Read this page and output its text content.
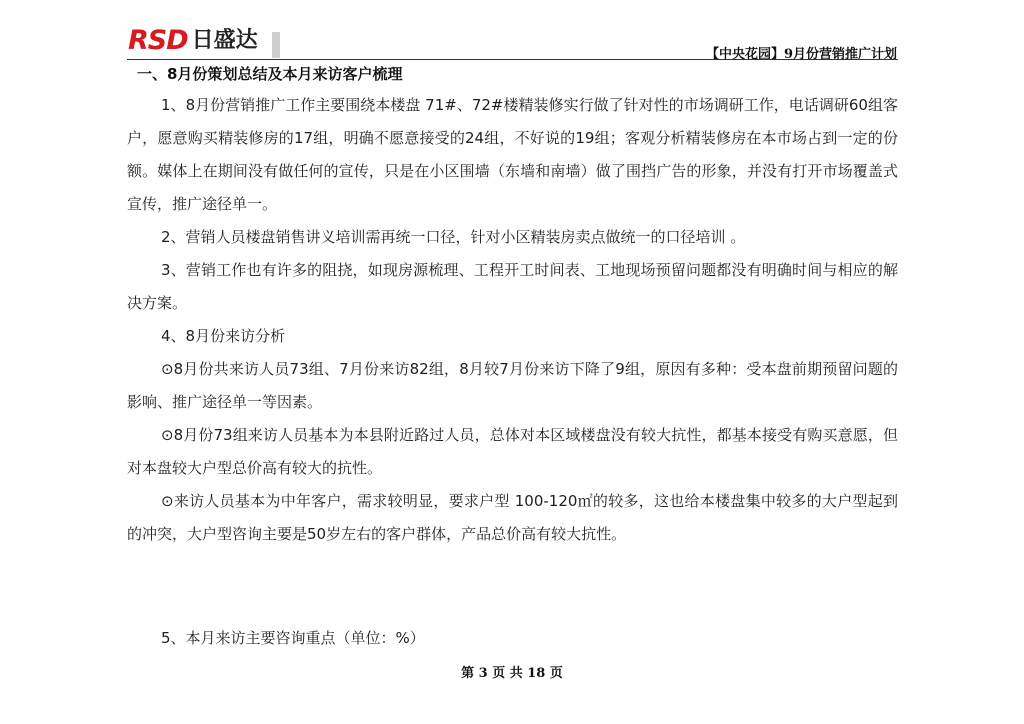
RSD 日盛达
【中央花园】9月份营销推广计划
一、8月份策划总结及本月来访客户梳理

1、8月份营销推广工作主要围绕本楼盘 71#、72#楼精装修实行做了针对性的市场调研工作，电话调研60组客户，愿意购买精装修房的17组，明确不愿意接受的24组，不好说的19组；客观分析精装修房在本市场占到一定的份额。媒体上在期间没有做任何的宣传，只是在小区围墙（东墙和南墙）做了围挡广告的形象，并没有打开市场覆盖式宣传，推广途径单一。

2、营销人员楼盘销售讲义培训需再统一口径，针对小区精装房卖点做统一的口径培训 。

3、营销工作也有许多的阻挠，如现房源梳理、工程开工时间表、工地现场预留问题都没有明确时间与相应的解决方案。

4、8月份来访分析

⊙8月份共来访人员73组、7月份来访82组，8月较7月份来访下降了9组，原因有多种：受本盘前期预留问题的影响、推广途径单一等因素。

⊙8月份73组来访人员基本为本县附近路过人员，总体对本区域楼盘没有较大抗性，都基本接受有购买意愿，但对本盘较大户型总价高有较大的抗性。

⊙来访人员基本为中年客户，需求较明显，要求户型 100-120㎡的较多，这也给本楼盘集中较多的大户型起到的冲突，大户型咨询主要是50岁左右的客户群体，产品总价高有较大抗性。

5、本月来访主要咨询重点（单位：%）

第 3 页 共 18 页
